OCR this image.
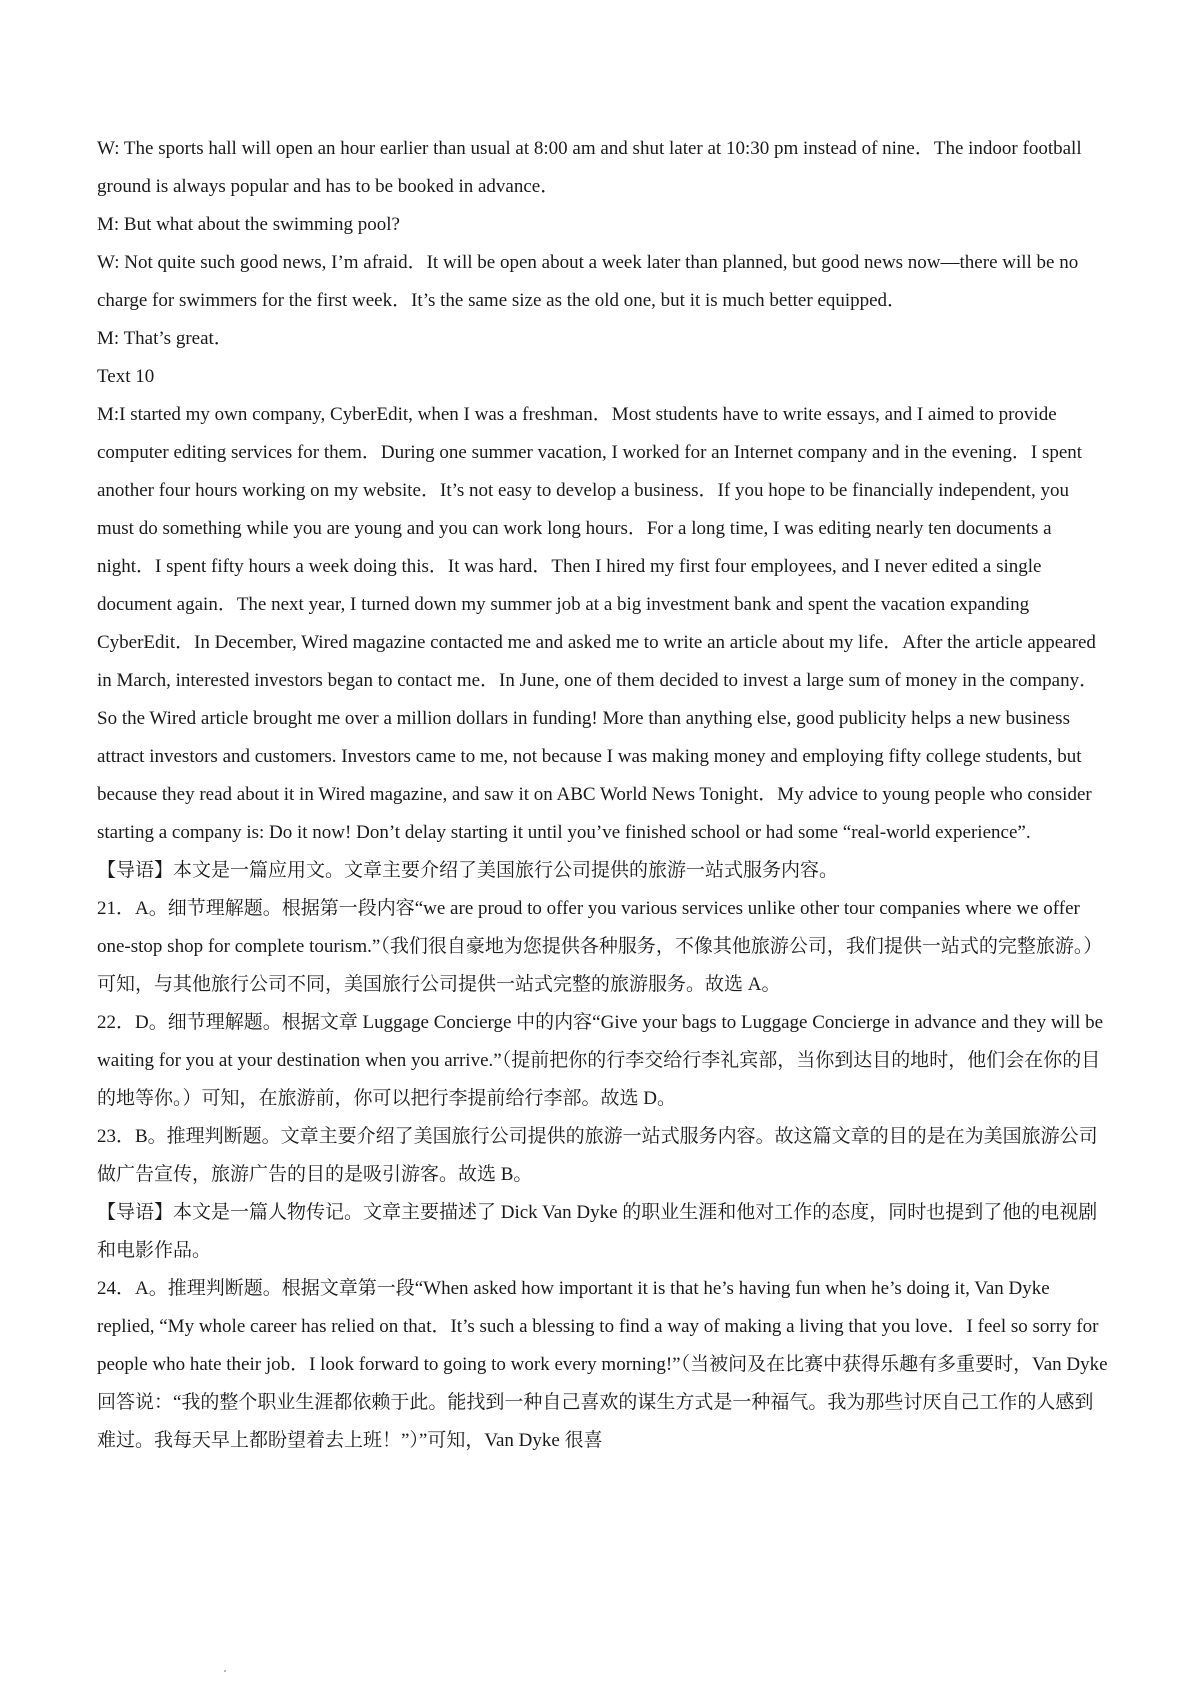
W: The sports hall will open an hour earlier than usual at 8:00 am and shut later at 10:30 pm instead of nine．The indoor football ground is always popular and has to be booked in advance．

M: But what about the swimming pool?

W: Not quite such good news, I’m afraid．It will be open about a week later than planned, but good news now—there will be no charge for swimmers for the first week．It’s the same size as the old one, but it is much better equipped．

M: That’s great．

Text 10

M:I started my own company, CyberEdit, when I was a freshman．Most students have to write essays, and I aimed to provide computer editing services for them．During one summer vacation, I worked for an Internet company and in the evening．I spent another four hours working on my website．It’s not easy to develop a business．If you hope to be financially independent, you must do something while you are young and you can work long hours．For a long time, I was editing nearly ten documents a night．I spent fifty hours a week doing this．It was hard．Then I hired my first four employees, and I never edited a single document again．The next year, I turned down my summer job at a big investment bank and spent the vacation expanding CyberEdit．In December, Wired magazine contacted me and asked me to write an article about my life．After the article appeared in March, interested investors began to contact me．In June, one of them decided to invest a large sum of money in the company．So the Wired article brought me over a million dollars in funding! More than anything else, good publicity helps a new business attract investors and customers. Investors came to me, not because I was making money and employing fifty college students, but because they read about it in Wired magazine, and saw it on ABC World News Tonight．My advice to young people who consider starting a company is: Do it now! Don’t delay starting it until you’ve finished school or had some “real-world experience”.

【导语】本文是一篇应用文。文章主要介绍了美国旅行公司提供的旅游一站式服务内容。

21．A。细节理解题。根据第一段内容“we are proud to offer you various services unlike other tour companies where we offer one-stop shop for complete tourism.”（我们很自豪地为您提供各种服务，不像其他旅游公司，我们提供一站式的完整旅游。）可知，与其他旅行公司不同，美国旅行公司提供一站式完整的旅游服务。故选 A。

22．D。细节理解题。根据文章 Luggage Concierge 中的内容“Give your bags to Luggage Concierge in advance and they will be waiting for you at your destination when you arrive.”（提前把你的行李交给行李礼宾部，当你到达目的地时，他们会在你的目的地等你。）可知，在旅游前，你可以把行李提前给行李部。故选 D。

23．B。推理判断题。文章主要介绍了美国旅行公司提供的旅游一站式服务内容。故这篇文章的目的是在为美国旅游公司做广告宣传，旅游广告的目的是吸引游客。故选 B。

【导语】本文是一篇人物传记。文章主要描述了 Dick Van Dyke 的职业生涯和他对工作的态度，同时也提到了他的电视剧和电影作品。

24．A。推理判断题。根据文章第一段“When asked how important it is that he’s having fun when he’s doing it, Van Dyke replied, “My whole career has relied on that．It’s such a blessing to find a way of making a living that you love．I feel so sorry for people who hate their job．I look forward to going to work every morning!”（当被问及在比赛中获得乐趣有多重要时，Van Dyke 回答说：“我的整个职业生涯都依赖于此。能找到一种自己喜欢的谋生方式是一种福气。我为那些讨厌自己工作的人感到难过。我每天早上都盼望着去上班！”）”可知，Van Dyke 很喜
